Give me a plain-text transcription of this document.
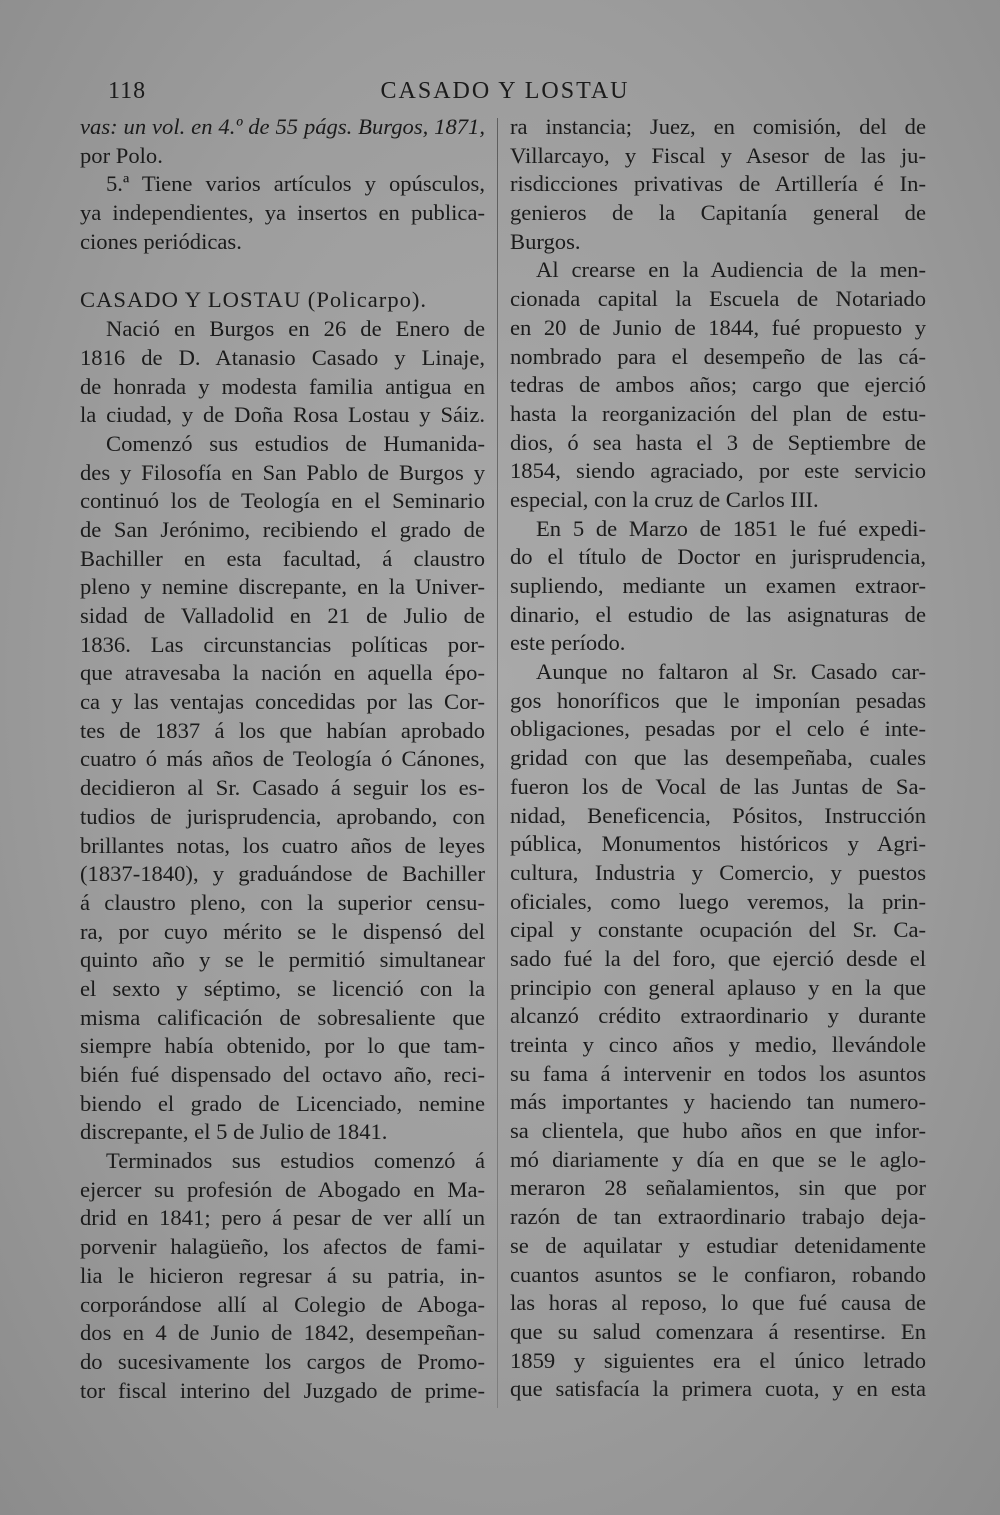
118	CASADO Y LOSTAU
vas: un vol. en 4.º de 55 págs. Burgos, 1871,
por Polo.
5.ª Tiene varios artículos y opúsculos,
ya independientes, ya insertos en publica-
ciones periódicas.
CASADO Y LOSTAU (Policarpo).
Nació en Burgos en 26 de Enero de
1816 de D. Atanasio Casado y Linaje,
de honrada y modesta familia antigua en
la ciudad, y de Doña Rosa Lostau y Sáiz.
Comenzó sus estudios de Humanida-
des y Filosofía en San Pablo de Burgos y
continuó los de Teología en el Seminario
de San Jerónimo, recibiendo el grado de
Bachiller en esta facultad, á claustro
pleno y nemine discrepante, en la Univer-
sidad de Valladolid en 21 de Julio de
1836. Las circunstancias políticas por-
que atravesaba la nación en aquella épo-
ca y las ventajas concedidas por las Cor-
tes de 1837 á los que habían aprobado
cuatro ó más años de Teología ó Cánones,
decidieron al Sr. Casado á seguir los es-
tudios de jurisprudencia, aprobando, con
brillantes notas, los cuatro años de leyes
(1837-1840), y graduándose de Bachiller
á claustro pleno, con la superior censu-
ra, por cuyo mérito se le dispensó del
quinto año y se le permitió simultanear
el sexto y séptimo, se licenció con la
misma calificación de sobresaliente que
siempre había obtenido, por lo que tam-
bién fué dispensado del octavo año, reci-
biendo el grado de Licenciado, nemine
discrepante, el 5 de Julio de 1841.
Terminados sus estudios comenzó á
ejercer su profesión de Abogado en Ma-
drid en 1841; pero á pesar de ver allí un
porvenir halagüeño, los afectos de fami-
lia le hicieron regresar á su patria, in-
corporándose allí al Colegio de Aboga-
dos en 4 de Junio de 1842, desempeñan-
do sucesivamente los cargos de Promo-
tor fiscal interino del Juzgado de prime-
ra instancia; Juez, en comisión, del de
Villarcayo, y Fiscal y Asesor de las ju-
risdicciones privativas de Artillería é In-
genieros de la Capitanía general de
Burgos.
Al crearse en la Audiencia de la men-
cionada capital la Escuela de Notariado
en 20 de Junio de 1844, fué propuesto y
nombrado para el desempeño de las cá-
tedras de ambos años; cargo que ejerció
hasta la reorganización del plan de estu-
dios, ó sea hasta el 3 de Septiembre de
1854, siendo agraciado, por este servicio
especial, con la cruz de Carlos III.
En 5 de Marzo de 1851 le fué expedi-
do el título de Doctor en jurisprudencia,
supliendo, mediante un examen extraor-
dinario, el estudio de las asignaturas de
este período.
Aunque no faltaron al Sr. Casado car-
gos honoríficos que le imponían pesadas
obligaciones, pesadas por el celo é inte-
gridad con que las desempeñaba, cuales
fueron los de Vocal de las Juntas de Sa-
nidad, Beneficencia, Pósitos, Instrucción
pública, Monumentos históricos y Agri-
cultura, Industria y Comercio, y puestos
oficiales, como luego veremos, la prin-
cipal y constante ocupación del Sr. Ca-
sado fué la del foro, que ejerció desde el
principio con general aplauso y en la que
alcanzó crédito extraordinario y durante
treinta y cinco años y medio, llevándole
su fama á intervenir en todos los asuntos
más importantes y haciendo tan numero-
sa clientela, que hubo años en que infor-
mó diariamente y día en que se le aglo-
meraron 28 señalamientos, sin que por
razón de tan extraordinario trabajo deja-
se de aquilatar y estudiar detenidamente
cuantos asuntos se le confiaron, robando
las horas al reposo, lo que fué causa de
que su salud comenzara á resentirse. En
1859 y siguientes era el único letrado
que satisfacía la primera cuota, y en esta
